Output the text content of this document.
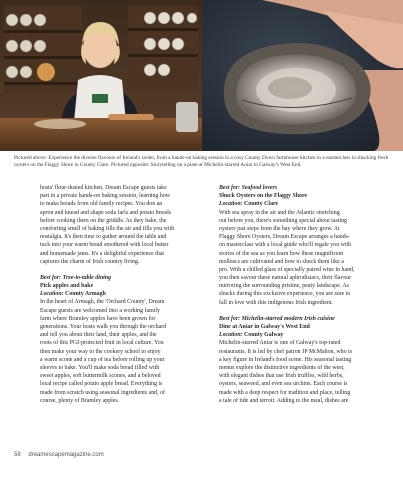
Pictured above: Experience the diverse flavours of Ireland's larder, from a hands-on baking session in a cosy County Down farmhouse kitchen to a masterclass in shucking fresh oysters on the Flaggy Shore in County Clare. Pictured opposite: Storytelling on a plate at Michelin-starred Aniar in Galway's West End.

hosts' flour-dusted kitchen, Dream Escape guests take

part in a private hands-on baking session, learning how

to make breads from old family recipes. You don an

apron and knead and shape soda farls and potato breads

before cooking them on the griddle. As they bake, the

comforting smell of baking fills the air and fills you with

nostalgia. It's then time to gather around the table and

tuck into your warm bread smothered with local butter

and homemade jams. It's a delightful experience that

captures the charm of Irish country living.

Best for: Tree-to-table dining

Pick apples and bake

Location: County Armagh

In the heart of Armagh, the 'Orchard County', Dream

Escape guests are welcomed into a working family

farm where Bramley apples have been grown for

generations. Your hosts walk you through the orchard

and tell you about their land, their apples, and the

roots of this PGI-protected fruit in local culture. You

then make your way to the cookery school to enjoy

a warm scone and a cup of tea before rolling up your

sleeves to bake. You'll make soda bread filled with

sweet apples, soft buttermilk scones, and a beloved

local recipe called potato apple bread. Everything is

made from scratch using seasonal ingredients and, of

course, plenty of Bramley apples.

Best for: Seafood lovers

Shuck Oysters on the Flaggy Shore

Location: County Clare

With sea spray in the air and the Atlantic stretching

out before you, there's something special about tasting

oysters just steps from the bay where they grow. At

Flaggy Shore Oysters, Dream Escape arranges a hands-

on masterclass with a local guide who'll regale you with

stories of the sea as you learn how these magnificent

molluscs are cultivated and how to shuck them like a

pro. With a chilled glass of specially paired wine in hand,

you then savour these natural aphrodisiacs, their flavour

mirroring the surrounding pristine, peaty landscape. As

shucks during this exclusive experience, you are sure to

fall in love with this indigenous Irish ingredient.

Best for: Michelin-starred modern Irish cuisine

Dine at Aniar in Galway's West End

Location: County Galway

Michelin-starred Aniar is one of Galway's top-rated

restaurants. It is led by chef patron JP McMahon, who is

a key figure in Ireland's food scene. His seasonal tasting

menus explore the distinctive ingredients of the west,

with elegant dishes that use Irish truffles, wild herbs,

oysters, seaweed, and even sea urchins. Each course is

made with a deep respect for tradition and place, telling

a tale of tide and terroir. Adding to the meal, dishes are

58 dreamescapemagazine.com
